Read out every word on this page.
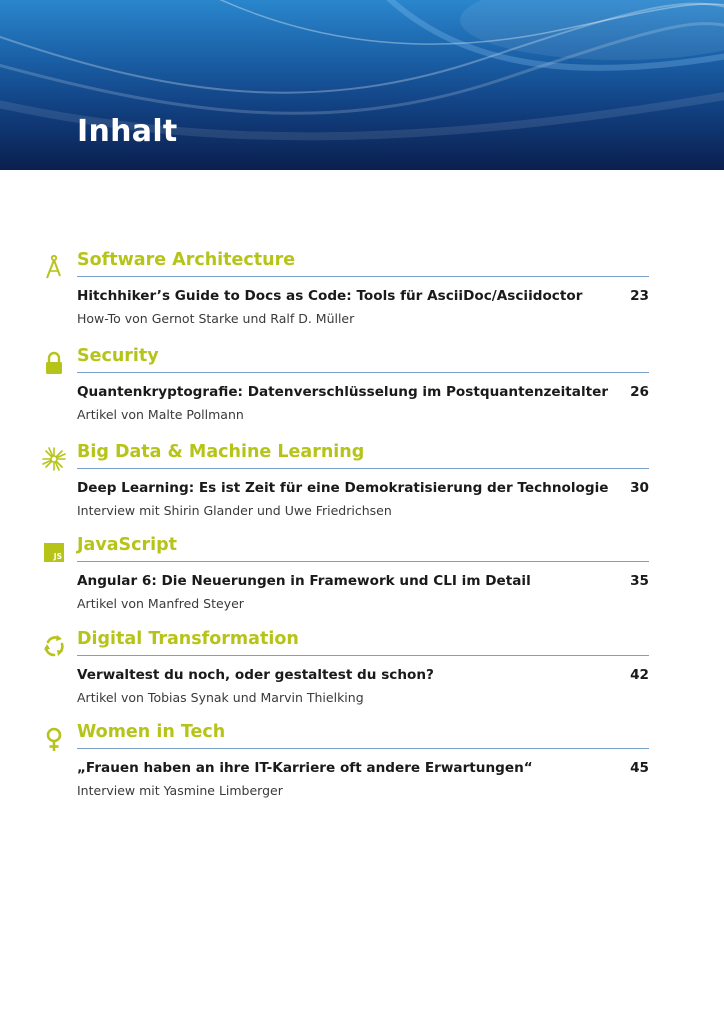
Inhalt
Software Architecture
Hitchhiker’s Guide to Docs as Code: Tools für AsciiDoc/Asciidoctor	23
How-To von Gernot Starke und Ralf D. Müller
Security
Quantenkryptografie: Datenverschlüsselung im Postquantenzeitalter	26
Artikel von Malte Pollmann
Big Data & Machine Learning
Deep Learning: Es ist Zeit für eine Demokratisierung der Technologie	30
Interview mit Shirin Glander und Uwe Friedrichsen
JS
JavaScript
Angular 6: Die Neuerungen in Framework und CLI im Detail	35
Artikel von Manfred Steyer
Digital Transformation
Verwaltest du noch, oder gestaltest du schon?	42
Artikel von Tobias Synak und Marvin Thielking
Women in Tech
„Frauen haben an ihre IT-Karriere oft andere Erwartungen“	45
Interview mit Yasmine Limberger
